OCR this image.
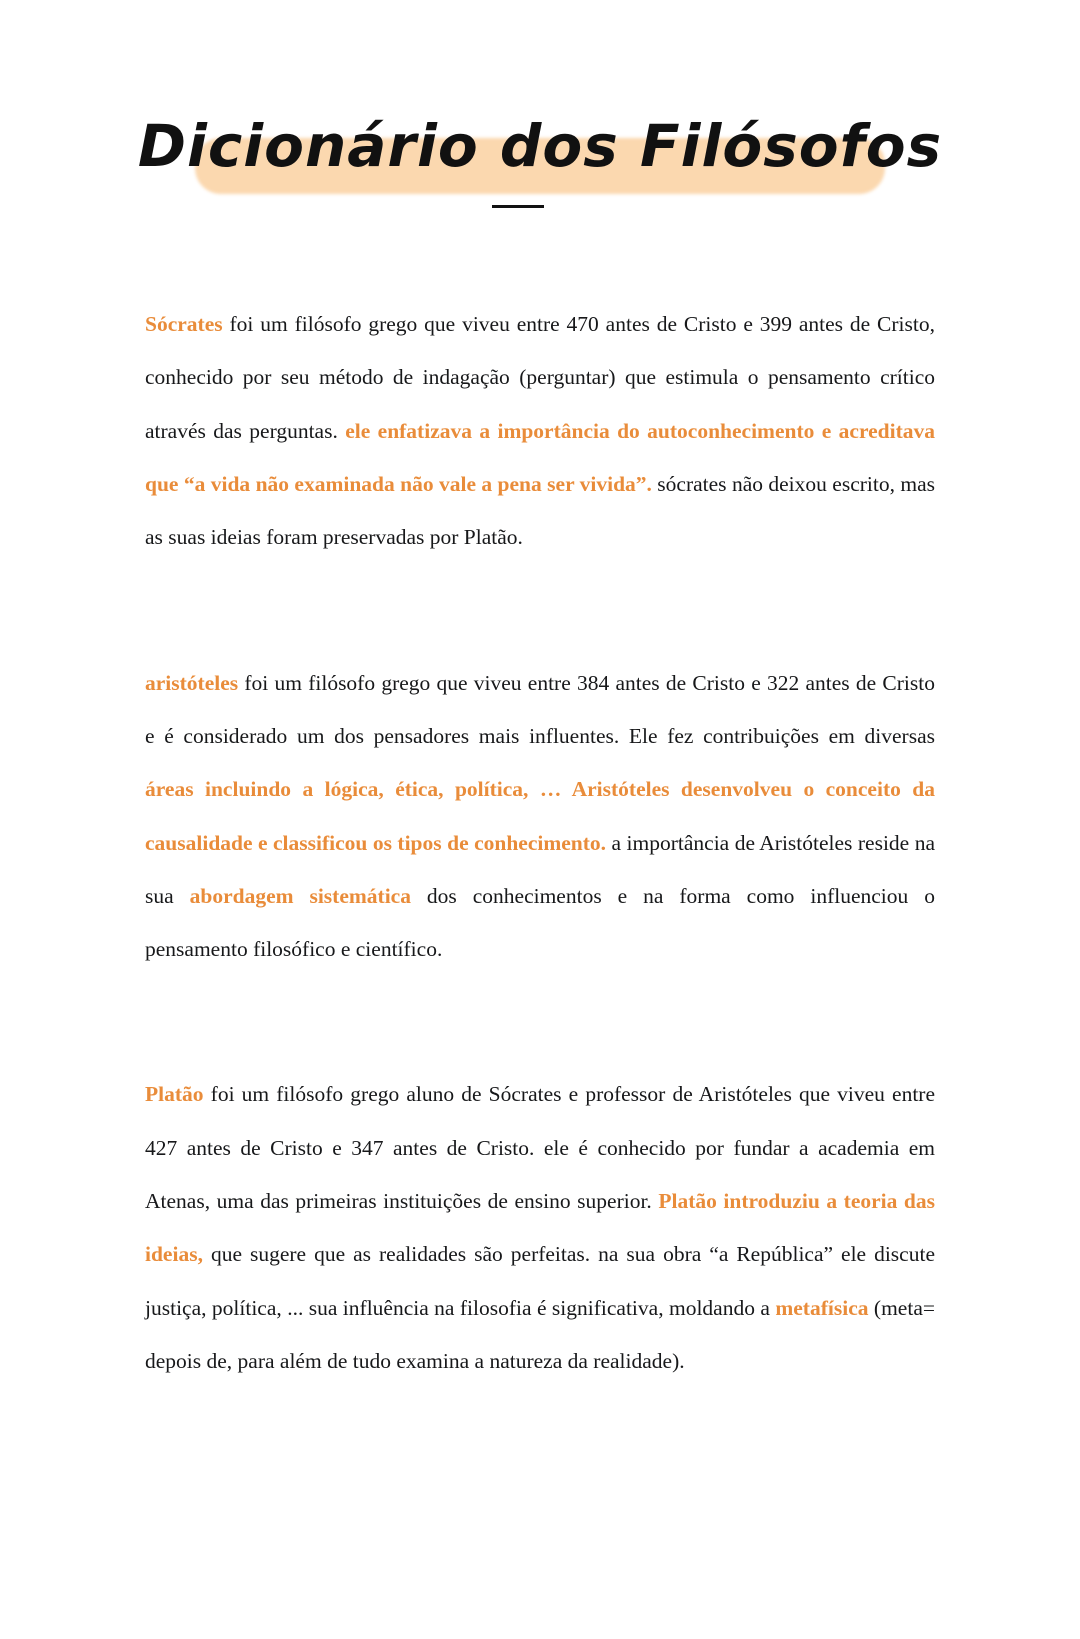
Dicionário dos Filósofos

Sócrates foi um filósofo grego que viveu entre 470 antes de Cristo e 399 antes de Cristo, conhecido por seu método de indagação (perguntar) que estimula o pensamento crítico através das perguntas. ele enfatizava a importância do autoconhecimento e acreditava que “a vida não examinada não vale a pena ser vivida”. sócrates não deixou escrito, mas as suas ideias foram preservadas por Platão.

aristóteles foi um filósofo grego que viveu entre 384 antes de Cristo e 322 antes de Cristo e é considerado um dos pensadores mais influentes. Ele fez contribuições em diversas áreas incluindo a lógica, ética, política, … Aristóteles desenvolveu o conceito da causalidade e classificou os tipos de conhecimento. a importância de Aristóteles reside na sua abordagem sistemática dos conhecimentos e na forma como influenciou o pensamento filosófico e científico.

Platão foi um filósofo grego aluno de Sócrates e professor de Aristóteles que viveu entre 427 antes de Cristo e 347 antes de Cristo. ele é conhecido por fundar a academia em Atenas, uma das primeiras instituições de ensino superior. Platão introduziu a teoria das ideias, que sugere que as realidades são perfeitas. na sua obra “a República” ele discute justiça, política, ... sua influência na filosofia é significativa, moldando a metafísica (meta= depois de, para além de tudo examina a natureza da realidade).
